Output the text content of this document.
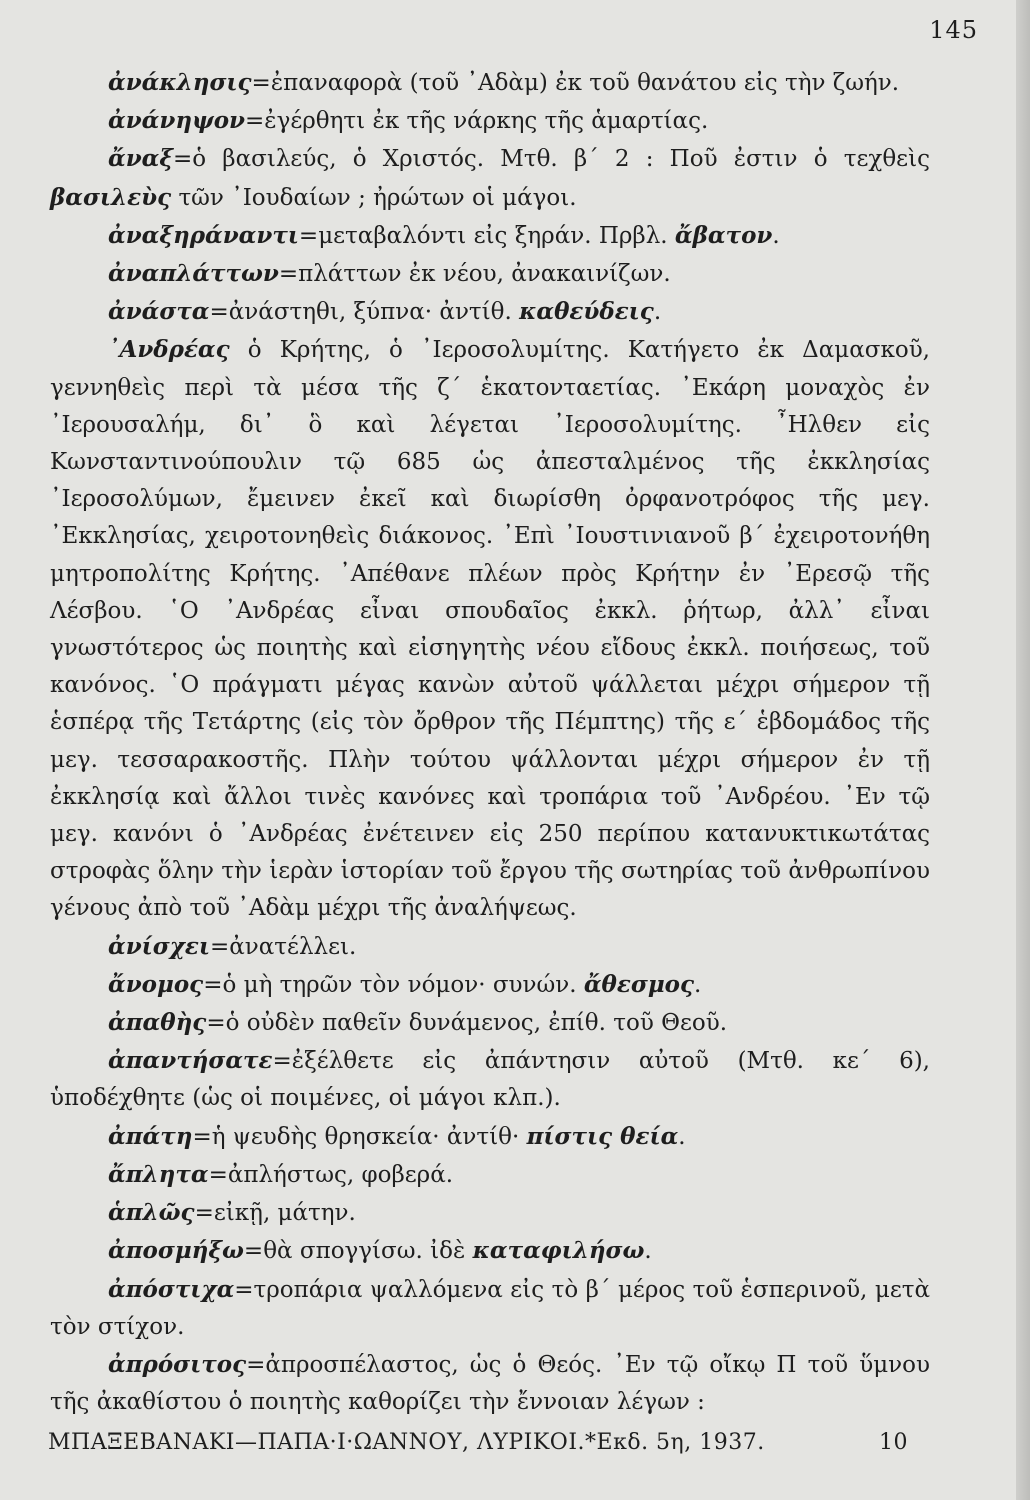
145

ἀνάκλησις=ἐπαναφορὰ (τοῦ ᾿Αδὰμ) ἐκ τοῦ θανάτου εἰς τὴν ζωήν.

ἀνάνηψον=ἐγέρθητι ἐκ τῆς νάρκης τῆς ἁμαρτίας.

ἄναξ=ὁ βασιλεύς, ὁ Χριστός. Μτθ. β΄ 2 : Ποῦ ἐστιν ὁ τεχθεὶς βασιλεὺς τῶν ᾿Ιουδαίων ; ἠρώτων οἱ μάγοι.

ἀναξηράναντι=μεταβαλόντι εἰς ξηράν. Πρβλ. ἄβατον.

ἀναπλάττων=πλάττων ἐκ νέου, ἀνακαινίζων.

ἀνάστα=ἀνάστηθι, ξύπνα· ἀντίθ. καθεύδεις.

᾿Ανδρέας ὁ Κρήτης, ὁ ᾿Ιεροσολυμίτης. Κατήγετο ἐκ Δαμασκοῦ, γεννηθεὶς περὶ τὰ μέσα τῆς ζ΄ ἑκατονταετίας. ᾿Εκάρη μοναχὸς ἐν ᾿Ιερουσαλήμ, δι᾿ ὃ καὶ λέγεται ᾿Ιεροσολυμίτης. ῏Ηλθεν εἰς Κωνσταντινούπουλιν τῷ 685 ὡς ἀπεσταλμένος τῆς ἐκκλησίας ᾿Ιεροσολύμων, ἔμεινεν ἐκεῖ καὶ διωρίσθη ὀρφανοτρόφος τῆς μεγ. ᾿Εκκλησίας, χειροτονηθεὶς διάκονος. ᾿Επὶ ᾿Ιουστινιανοῦ β΄ ἐχειροτονήθη μητροπολίτης Κρήτης. ᾿Απέθανε πλέων πρὸς Κρήτην ἐν ᾿Ερεσῷ τῆς Λέσβου. ῾Ο ᾿Ανδρέας εἶναι σπουδαῖος ἐκκλ. ῥήτωρ, ἀλλ᾿ εἶναι γνωστότερος ὡς ποιητὴς καὶ εἰσηγητὴς νέου εἴδους ἐκκλ. ποιήσεως, τοῦ κανόνος. ῾Ο πράγματι μέγας κανὼν αὐτοῦ ψάλλεται μέχρι σήμερον τῇ ἑσπέρᾳ τῆς Τετάρτης (εἰς τὸν ὄρθρον τῆς Πέμπτης) τῆς ε΄ ἑβδομάδος τῆς μεγ. τεσσαρακοστῆς. Πλὴν τούτου ψάλλονται μέχρι σήμερον ἐν τῇ ἐκκλησίᾳ καὶ ἄλλοι τινὲς κανόνες καὶ τροπάρια τοῦ ᾿Ανδρέου. ᾿Εν τῷ μεγ. κανόνι ὁ ᾿Ανδρέας ἐνέτεινεν εἰς 250 περίπου κατανυκτικωτάτας στροφὰς ὅλην τὴν ἱερὰν ἱστορίαν τοῦ ἔργου τῆς σωτηρίας τοῦ ἀνθρωπίνου γένους ἀπὸ τοῦ ᾿Αδὰμ μέχρι τῆς ἀναλήψεως.

ἀνίσχει=ἀνατέλλει.

ἄνομος=ὁ μὴ τηρῶν τὸν νόμον· συνών. ἄθεσμος.

ἀπαθὴς=ὁ οὐδὲν παθεῖν δυνάμενος, ἐπίθ. τοῦ Θεοῦ.

ἀπαντήσατε=ἐξέλθετε εἰς ἀπάντησιν αὐτοῦ (Μτθ. κε΄ 6), ὑποδέχθητε (ὡς οἱ ποιμένες, οἱ μάγοι κλπ.).

ἀπάτη=ἡ ψευδὴς θρησκεία· ἀντίθ· πίστις θεία.

ἄπλητα=ἀπλήστως, φοβερά.

ἁπλῶς=εἰκῇ, μάτην.

ἀποσμήξω=θὰ σπογγίσω. ἰδὲ καταφιλήσω.

ἀπόστιχα=τροπάρια ψαλλόμενα εἰς τὸ β΄ μέρος τοῦ ἑσπερινοῦ, μετὰ τὸν στίχον.

ἀπρόσιτος=ἀπροσπέλαστος, ὡς ὁ Θεός. ᾿Εν τῷ οἴκῳ Π τοῦ ὕμνου τῆς ἀκαθίστου ὁ ποιητὴς καθορίζει τὴν ἔννοιαν λέγων :

ΜΠΑΞΕΒΑΝΑΚΙ—ΠΑΠΑ·Ι·ΩΑΝΝΟΥ, ΛΥΡΙΚΟΙ.*Εκδ. 5η, 1937.	10
